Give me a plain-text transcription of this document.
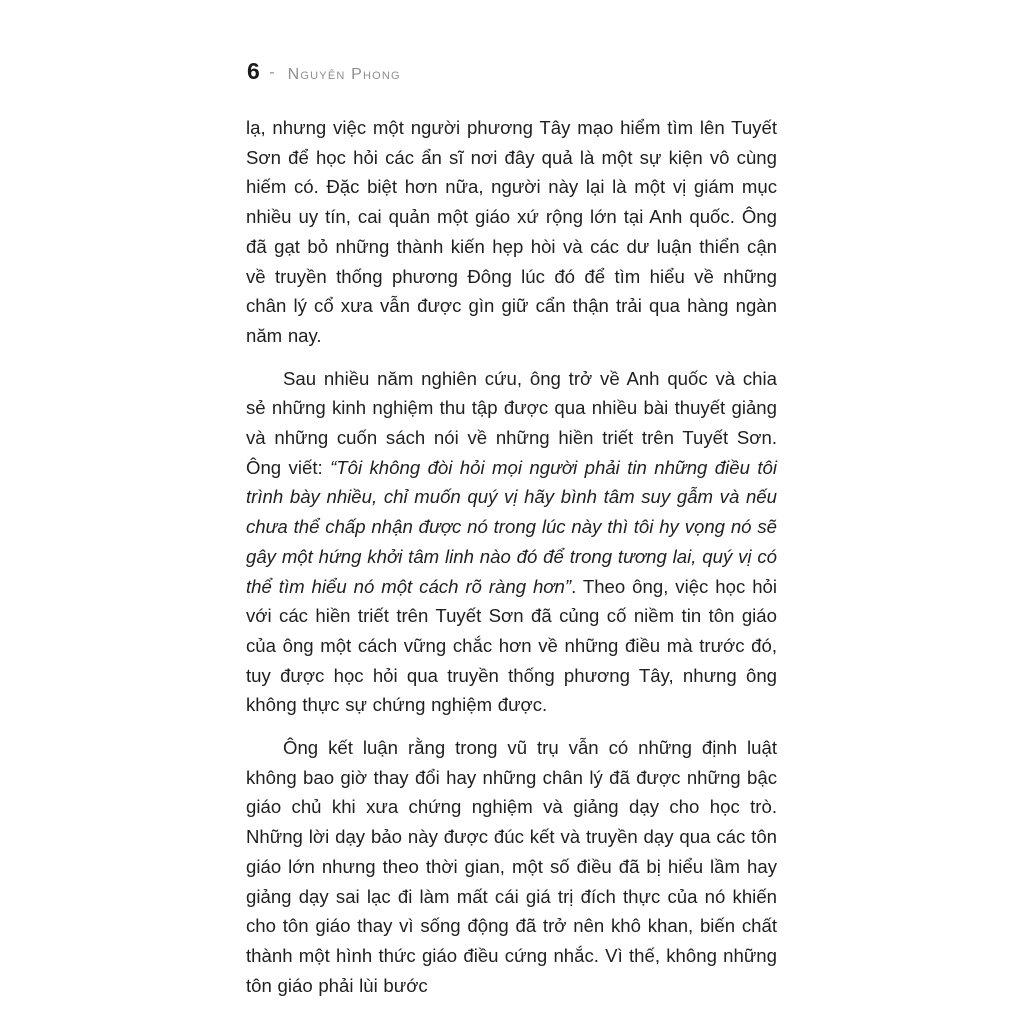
6 - Nguyên Phong

lạ, nhưng việc một người phương Tây mạo hiểm tìm lên Tuyết Sơn để học hỏi các ẩn sĩ nơi đây quả là một sự kiện vô cùng hiếm có. Đặc biệt hơn nữa, người này lại là một vị giám mục nhiều uy tín, cai quản một giáo xứ rộng lớn tại Anh quốc. Ông đã gạt bỏ những thành kiến hẹp hòi và các dư luận thiển cận về truyền thống phương Đông lúc đó để tìm hiểu về những chân lý cổ xưa vẫn được gìn giữ cẩn thận trải qua hàng ngàn năm nay.

Sau nhiều năm nghiên cứu, ông trở về Anh quốc và chia sẻ những kinh nghiệm thu tập được qua nhiều bài thuyết giảng và những cuốn sách nói về những hiền triết trên Tuyết Sơn. Ông viết: “Tôi không đòi hỏi mọi người phải tin những điều tôi trình bày nhiều, chỉ muốn quý vị hãy bình tâm suy gẫm và nếu chưa thể chấp nhận được nó trong lúc này thì tôi hy vọng nó sẽ gây một hứng khởi tâm linh nào đó để trong tương lai, quý vị có thể tìm hiểu nó một cách rõ ràng hơn”. Theo ông, việc học hỏi với các hiền triết trên Tuyết Sơn đã củng cố niềm tin tôn giáo của ông một cách vững chắc hơn về những điều mà trước đó, tuy được học hỏi qua truyền thống phương Tây, nhưng ông không thực sự chứng nghiệm được.

Ông kết luận rằng trong vũ trụ vẫn có những định luật không bao giờ thay đổi hay những chân lý đã được những bậc giáo chủ khi xưa chứng nghiệm và giảng dạy cho học trò. Những lời dạy bảo này được đúc kết và truyền dạy qua các tôn giáo lớn nhưng theo thời gian, một số điều đã bị hiểu lầm hay giảng dạy sai lạc đi làm mất cái giá trị đích thực của nó khiến cho tôn giáo thay vì sống động đã trở nên khô khan, biến chất thành một hình thức giáo điều cứng nhắc. Vì thế, không những tôn giáo phải lùi bước
